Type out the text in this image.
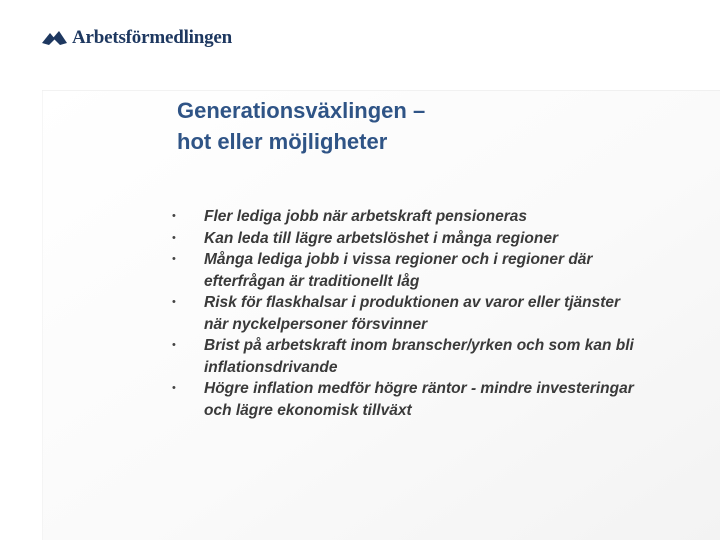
Arbetsförmedlingen
Generationsväxlingen –
hot eller möjligheter
•	Fler lediga jobb när arbetskraft pensioneras
•	Kan leda till lägre arbetslöshet i många regioner
•	Många lediga jobb i vissa regioner och i regioner där efterfrågan är traditionellt låg
•	Risk för flaskhalsar i produktionen av varor eller tjänster när nyckelpersoner försvinner
•	Brist på arbetskraft inom branscher/yrken och som kan bli inflationsdrivande
•	Högre inflation medför högre räntor - mindre investeringar och lägre ekonomisk tillväxt
